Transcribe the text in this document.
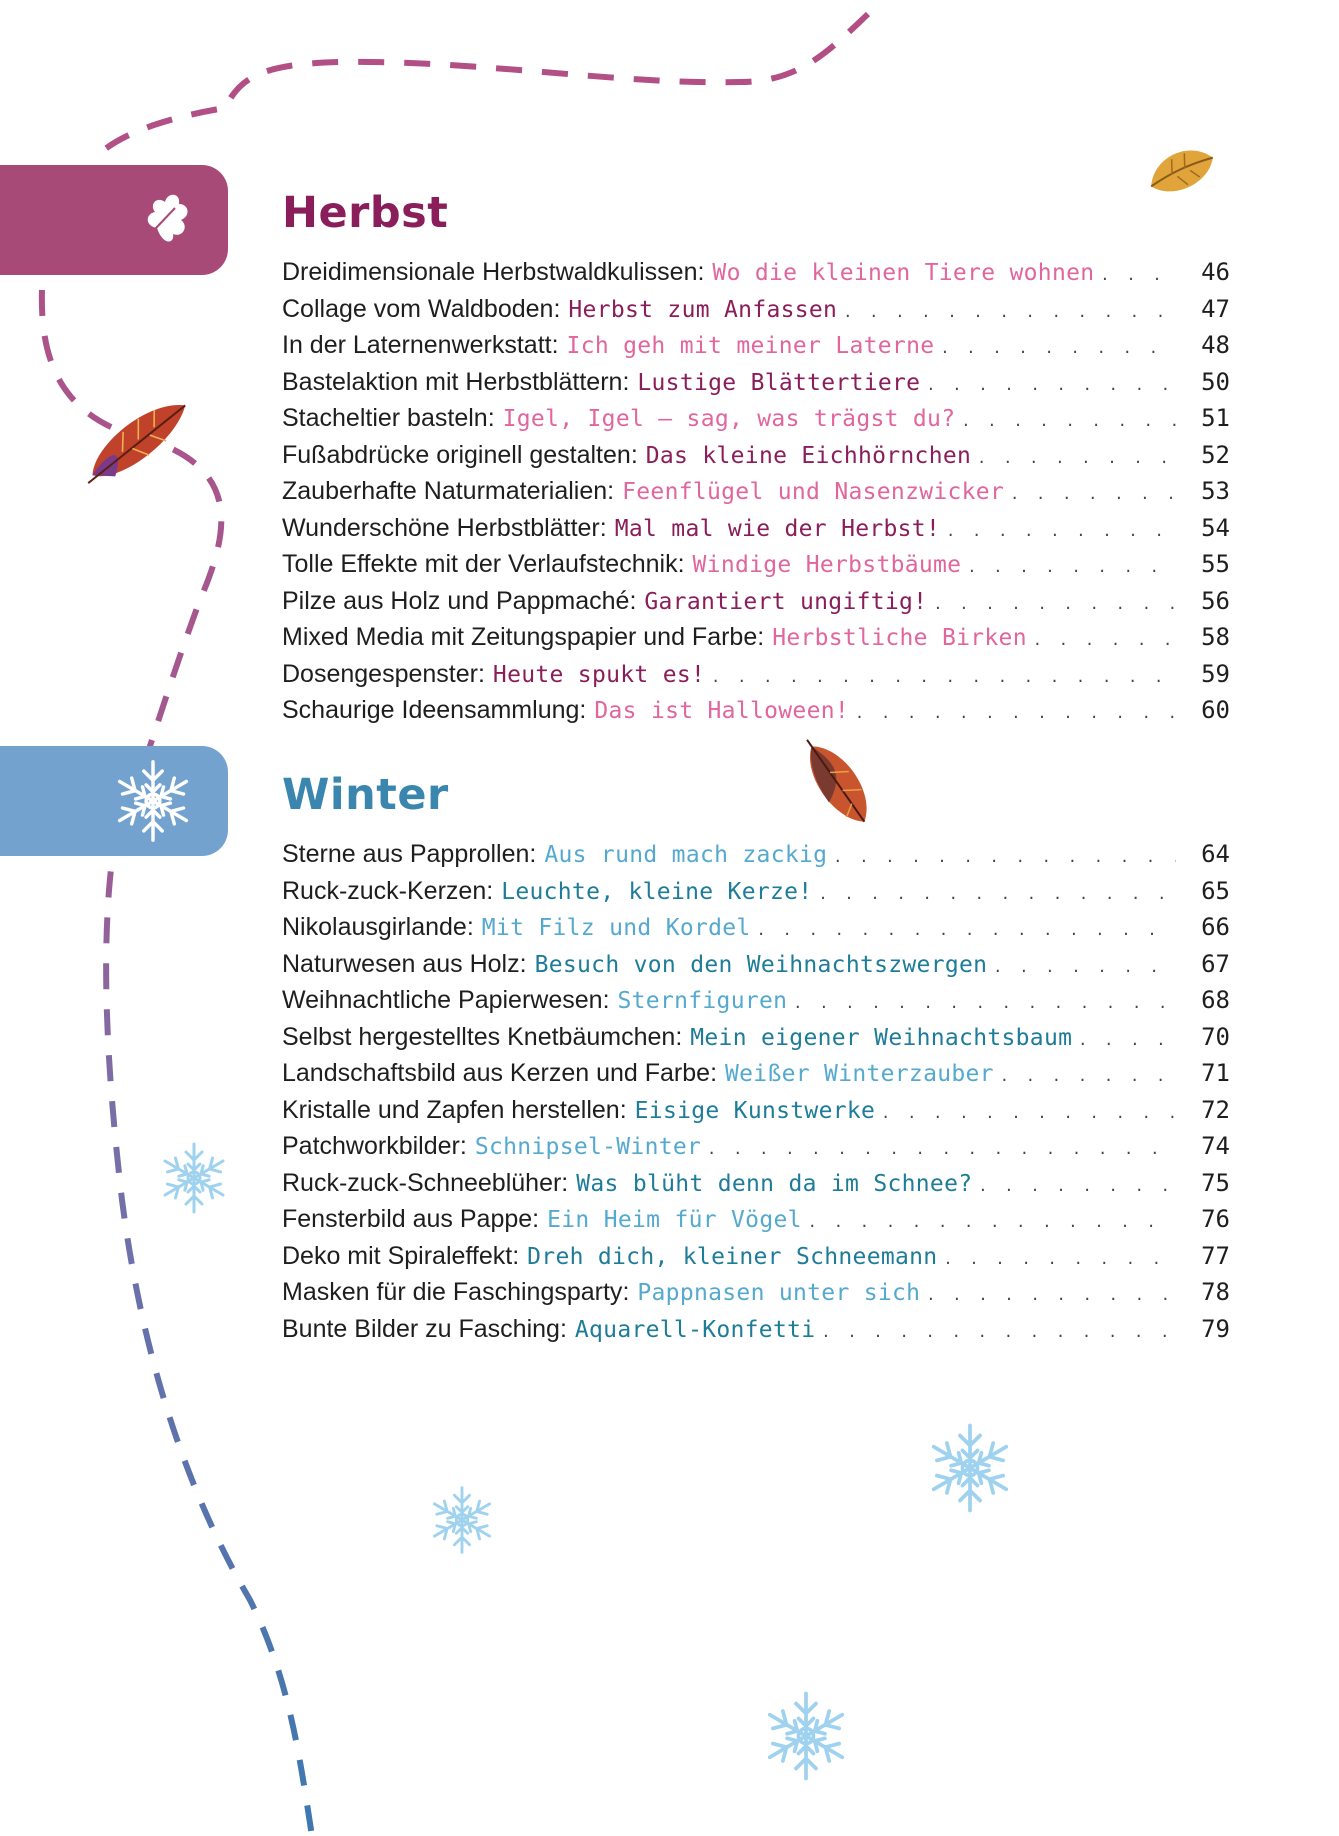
Herbst
Winter
Dreidimensionale Herbstwaldkulissen : Wo die kleinen Tiere wohnen . . .	46
Collage vom Waldboden : Herbst zum Anfassen . . .	47
In der Laternenwerkstatt : Ich geh mit meiner Laterne . . .	48
Bastelaktion mit Herbstblättern : Lustige Blättertiere . . .	50
Stacheltier basteln : Igel, Igel – sag, was trägst du? . . .	51
Fußabdrücke originell gestalten : Das kleine Eichhörnchen . . .	52
Zauberhafte Naturmaterialien : Feenflügel und Nasenzwicker . . .	53
Wunderschöne Herbstblätter : Mal mal wie der Herbst! . . .	54
Tolle Effekte mit der Verlaufstechnik : Windige Herbstbäume . . .	55
Pilze aus Holz und Pappmaché : Garantiert ungiftig! . . .	56
Mixed Media mit Zeitungspapier und Farbe : Herbstliche Birken . . .	58
Dosengespenster : Heute spukt es! . . .	59
Schaurige Ideensammlung : Das ist Halloween! . . .	60
Sterne aus Papprollen : Aus rund mach zackig . . .	64
Ruck-zuck-Kerzen : Leuchte, kleine Kerze! . . .	65
Nikolausgirlande : Mit Filz und Kordel . . .	66
Naturwesen aus Holz : Besuch von den Weihnachtszwergen . . .	67
Weihnachtliche Papierwesen : Sternfiguren . . .	68
Selbst hergestelltes Knetbäumchen : Mein eigener Weihnachtsbaum . . .	70
Landschaftsbild aus Kerzen und Farbe : Weißer Winterzauber . . .	71
Kristalle und Zapfen herstellen : Eisige Kunstwerke . . .	72
Patchworkbilder : Schnipsel-Winter . . .	74
Ruck-zuck-Schneeblüher : Was blüht denn da im Schnee? . . .	75
Fensterbild aus Pappe : Ein Heim für Vögel . . .	76
Deko mit Spiraleffekt : Dreh dich, kleiner Schneemann . . .	77
Masken für die Faschingsparty : Pappnasen unter sich . . .	78
Bunte Bilder zu Fasching : Aquarell-Konfetti . . .	79
